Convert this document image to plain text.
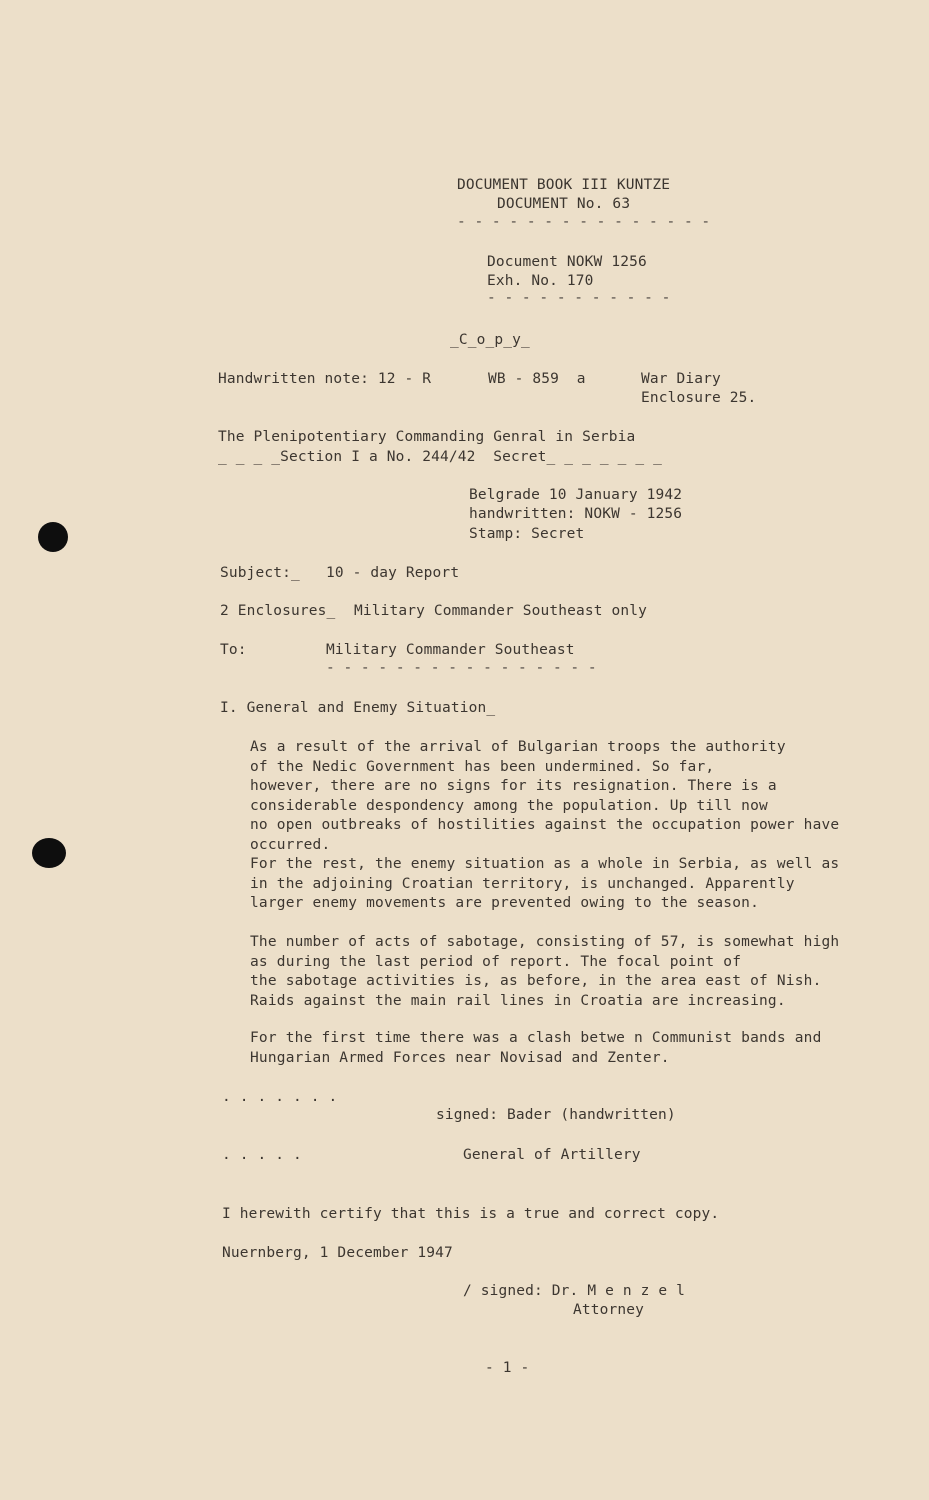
DOCUMENT BOOK III KUNTZE
DOCUMENT No. 63
- - - - - - - - - - - - - - -
Document NOKW 1256
Exh. No. 170
- - - - - - - - - - -
_C_o_p_y_
Handwritten note: 12 - R	WB - 859  a	War Diary
Enclosure 25.
The Plenipotentiary Commanding Genral in Serbia
_ _ _ _Section I a No. 244/42  Secret_ _ _ _ _ _ _
Belgrade 10 January 1942
handwritten: NOKW - 1256
Stamp: Secret
Subject:_ 10 - day Report
2 Enclosures_ Military Commander Southeast only
To:	Military Commander Southeast
- - - - - - - - - - - - - - - -
I. General and Enemy Situation_
As a result of the arrival of Bulgarian troops the authority
of the Nedic Government has been undermined. So far,
however, there are no signs for its resignation. There is a
considerable despondency among the population. Up till now
no open outbreaks of hostilities against the occupation power have
occurred.
For the rest, the enemy situation as a whole in Serbia, as well as
in the adjoining Croatian territory, is unchanged. Apparently
larger enemy movements are prevented owing to the season.
The number of acts of sabotage, consisting of 57, is somewhat high
as during the last period of report. The focal point of
the sabotage activities is, as before, in the area east of Nish.
Raids against the main rail lines in Croatia are increasing.
For the first time there was a clash betwe n Communist bands and
Hungarian Armed Forces near Novisad and Zenter.
. . . . . . .
signed: Bader (handwritten)
. . . . .	General of Artillery
I herewith certify that this is a true and correct copy.
Nuernberg, 1 December 1947
/ signed: Dr. M e n z e l
Attorney
- 1 -
